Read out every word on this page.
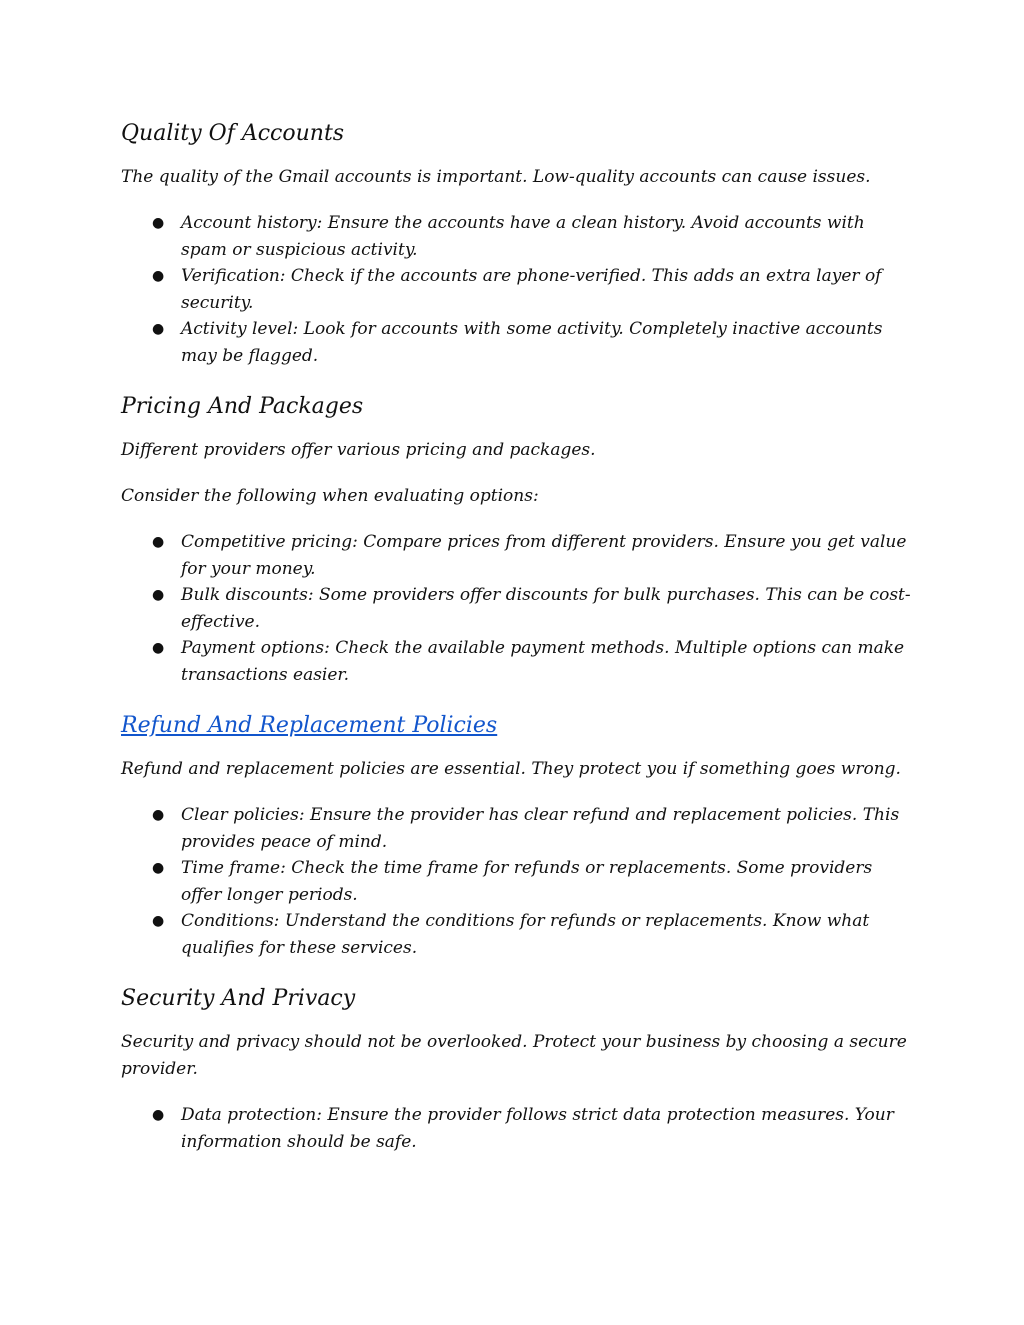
Quality Of Accounts

The quality of the Gmail accounts is important. Low-quality accounts can cause issues.

● Account history: Ensure the accounts have a clean history. Avoid accounts with spam or suspicious activity.
● Verification: Check if the accounts are phone-verified. This adds an extra layer of security.
● Activity level: Look for accounts with some activity. Completely inactive accounts may be flagged.
Pricing And Packages

Different providers offer various pricing and packages.

Consider the following when evaluating options:

● Competitive pricing: Compare prices from different providers. Ensure you get value for your money.
● Bulk discounts: Some providers offer discounts for bulk purchases. This can be cost-effective.
● Payment options: Check the available payment methods. Multiple options can make transactions easier.
Refund And Replacement Policies

Refund and replacement policies are essential. They protect you if something goes wrong.

● Clear policies: Ensure the provider has clear refund and replacement policies. This provides peace of mind.
● Time frame: Check the time frame for refunds or replacements. Some providers offer longer periods.
● Conditions: Understand the conditions for refunds or replacements. Know what qualifies for these services.
Security And Privacy

Security and privacy should not be overlooked. Protect your business by choosing a secure provider.

● Data protection: Ensure the provider follows strict data protection measures. Your information should be safe.
